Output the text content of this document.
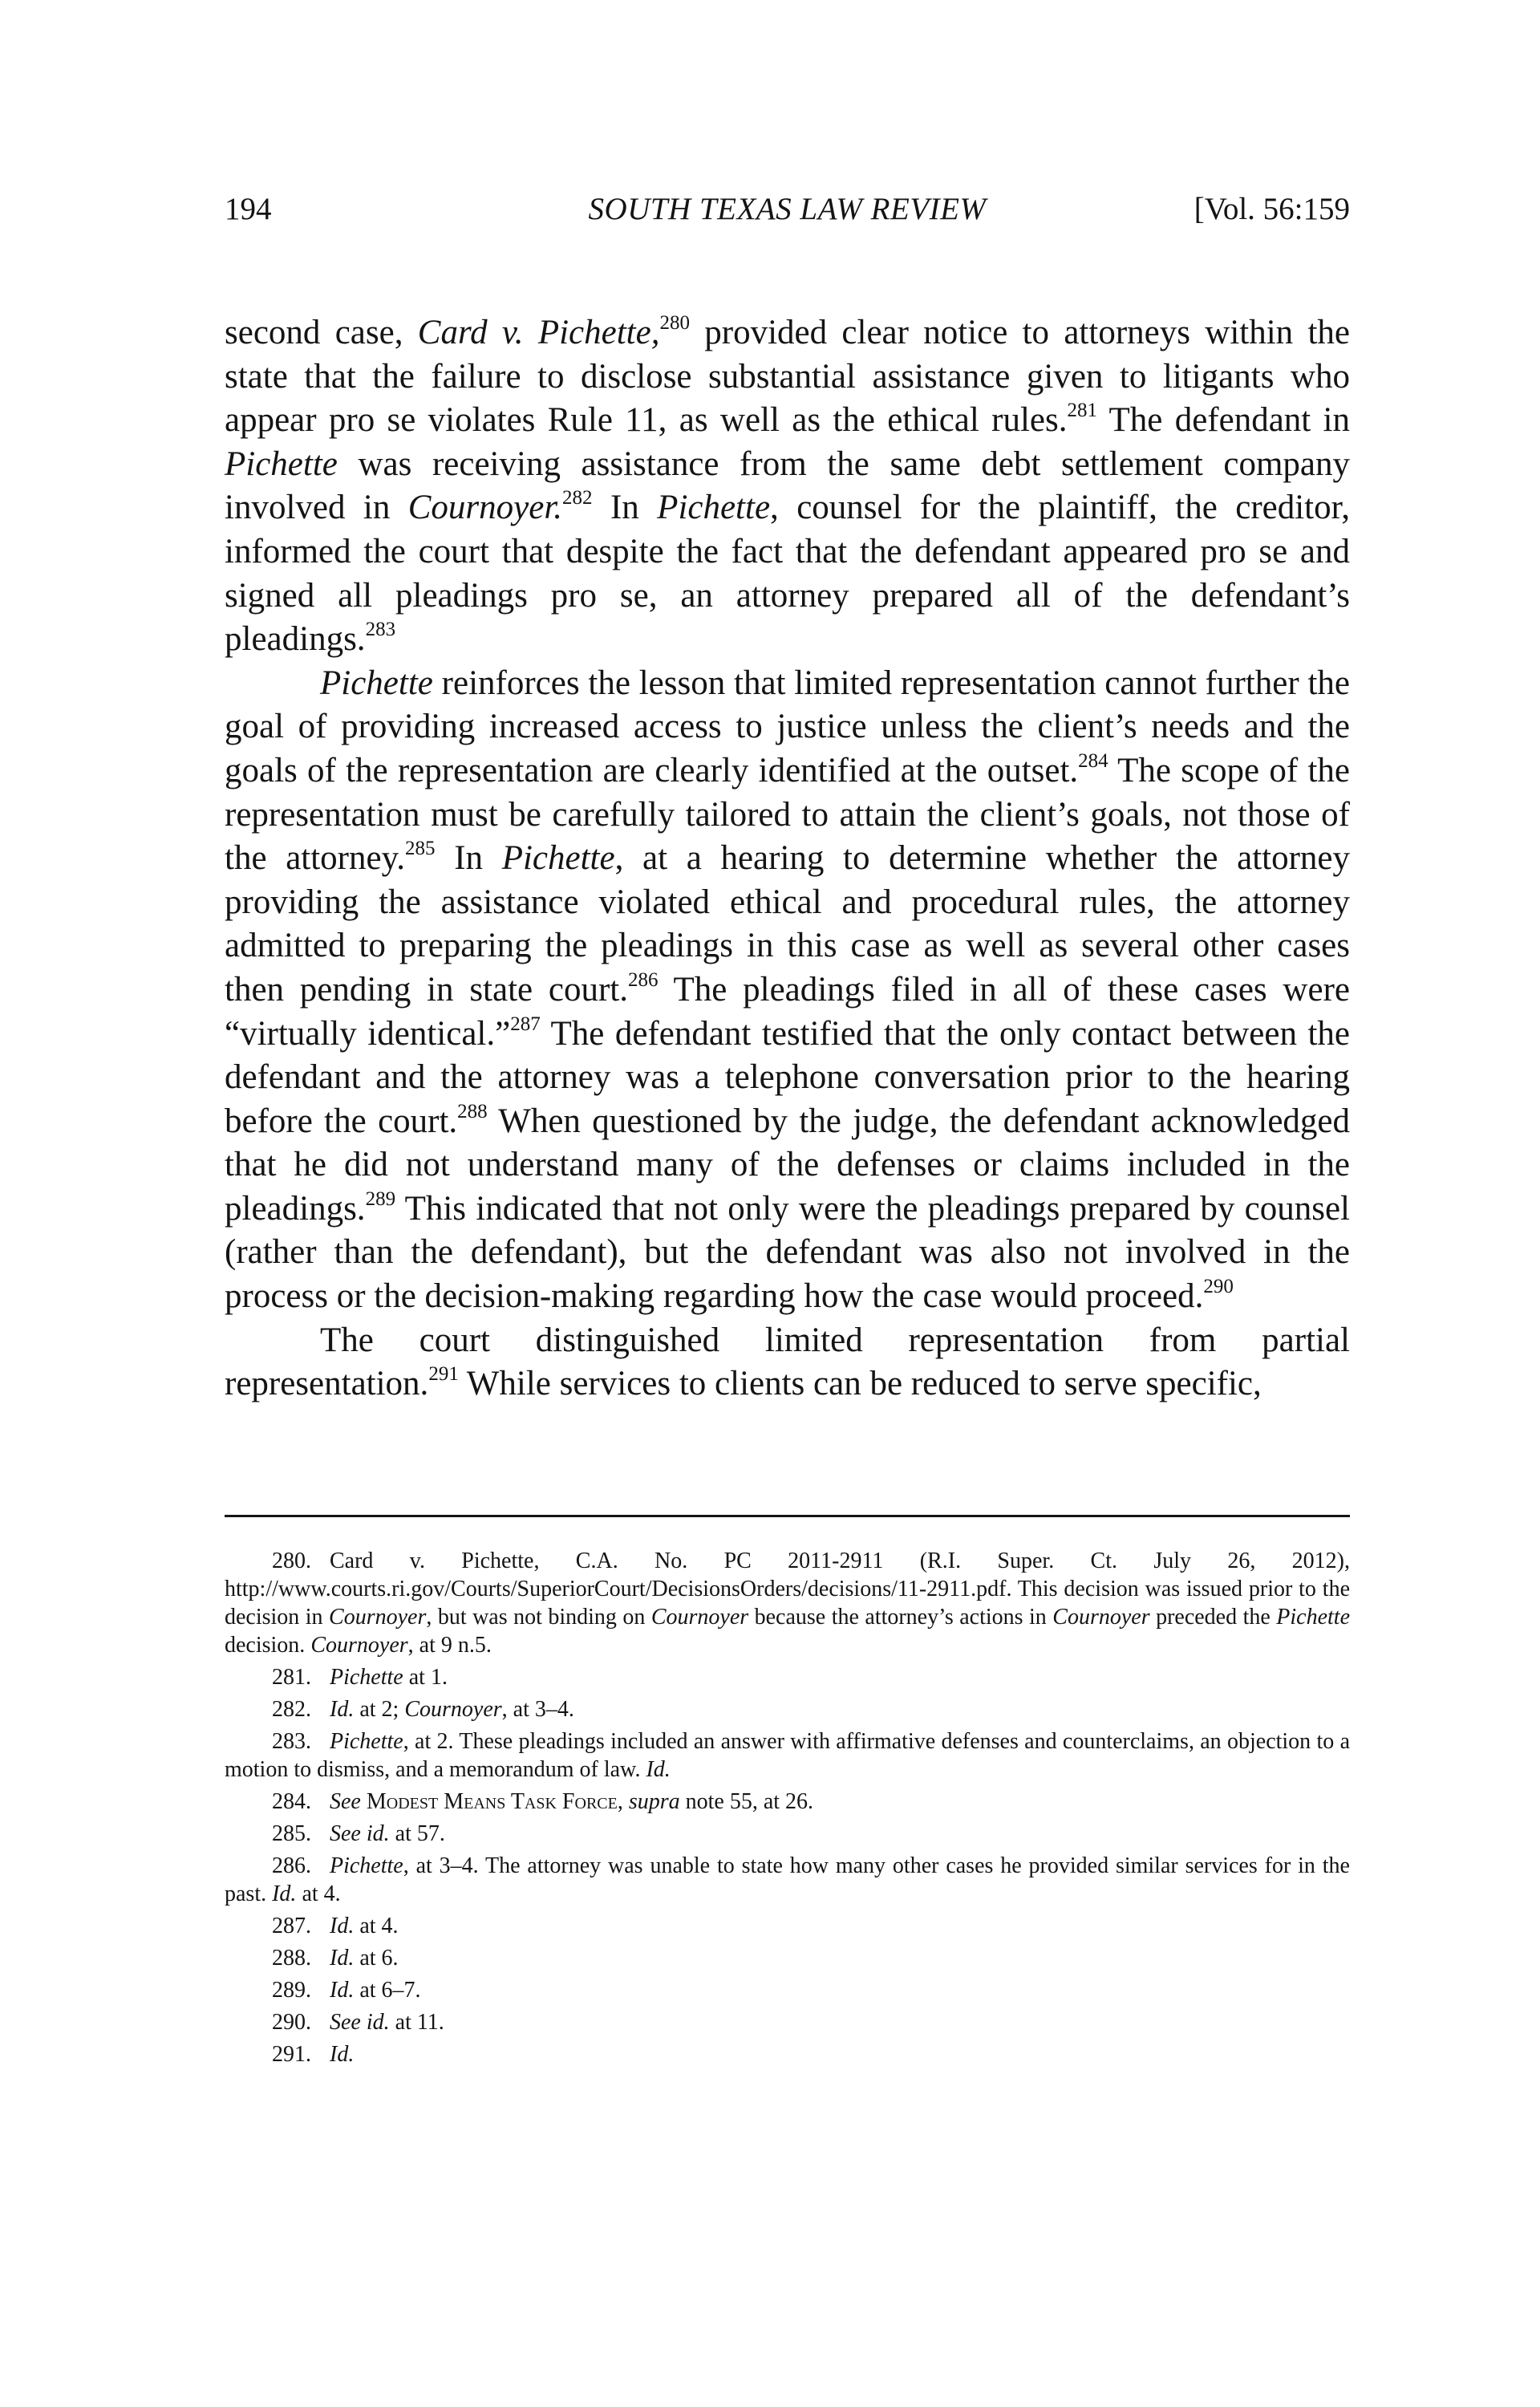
194	SOUTH TEXAS LAW REVIEW	[Vol. 56:159

second case, Card v. Pichette,$^{280}$ provided clear notice to attorneys within the state that the failure to disclose substantial assistance given to litigants who appear pro se violates Rule 11, as well as the ethical rules.$^{281}$ The defendant in Pichette was receiving assistance from the same debt settlement company involved in Cournoyer.$^{282}$ In Pichette, counsel for the plaintiff, the creditor, informed the court that despite the fact that the defendant appeared pro se and signed all pleadings pro se, an attorney prepared all of the defendant’s pleadings.$^{283}$

Pichette reinforces the lesson that limited representation cannot further the goal of providing increased access to justice unless the client’s needs and the goals of the representation are clearly identified at the outset.$^{284}$ The scope of the representation must be carefully tailored to attain the client’s goals, not those of the attorney.$^{285}$ In Pichette, at a hearing to determine whether the attorney providing the assistance violated ethical and procedural rules, the attorney admitted to preparing the pleadings in this case as well as several other cases then pending in state court.$^{286}$ The pleadings filed in all of these cases were “virtually identical.”$^{287}$ The defendant testified that the only contact between the defendant and the attorney was a telephone conversation prior to the hearing before the court.$^{288}$ When questioned by the judge, the defendant acknowledged that he did not understand many of the defenses or claims included in the pleadings.$^{289}$ This indicated that not only were the pleadings prepared by counsel (rather than the defendant), but the defendant was also not involved in the process or the decision-making regarding how the case would proceed.$^{290}$

The court distinguished limited representation from partial representation.$^{291}$ While services to clients can be reduced to serve specific,

280. Card v. Pichette, C.A. No. PC 2011-2911 (R.I. Super. Ct. July 26, 2012), http://www.courts.ri.gov/Courts/SuperiorCourt/DecisionsOrders/decisions/11-2911.pdf. This decision was issued prior to the decision in Cournoyer, but was not binding on Cournoyer because the attorney’s actions in Cournoyer preceded the Pichette decision. Cournoyer, at 9 n.5.

281. Pichette at 1.

282. Id. at 2; Cournoyer, at 3–4.

283. Pichette, at 2. These pleadings included an answer with affirmative defenses and counterclaims, an objection to a motion to dismiss, and a memorandum of law. Id.

284. See Modest Means Task Force, supra note 55, at 26.

285. See id. at 57.

286. Pichette, at 3–4. The attorney was unable to state how many other cases he provided similar services for in the past. Id. at 4.

287. Id. at 4.

288. Id. at 6.

289. Id. at 6–7.

290. See id. at 11.

291. Id.
